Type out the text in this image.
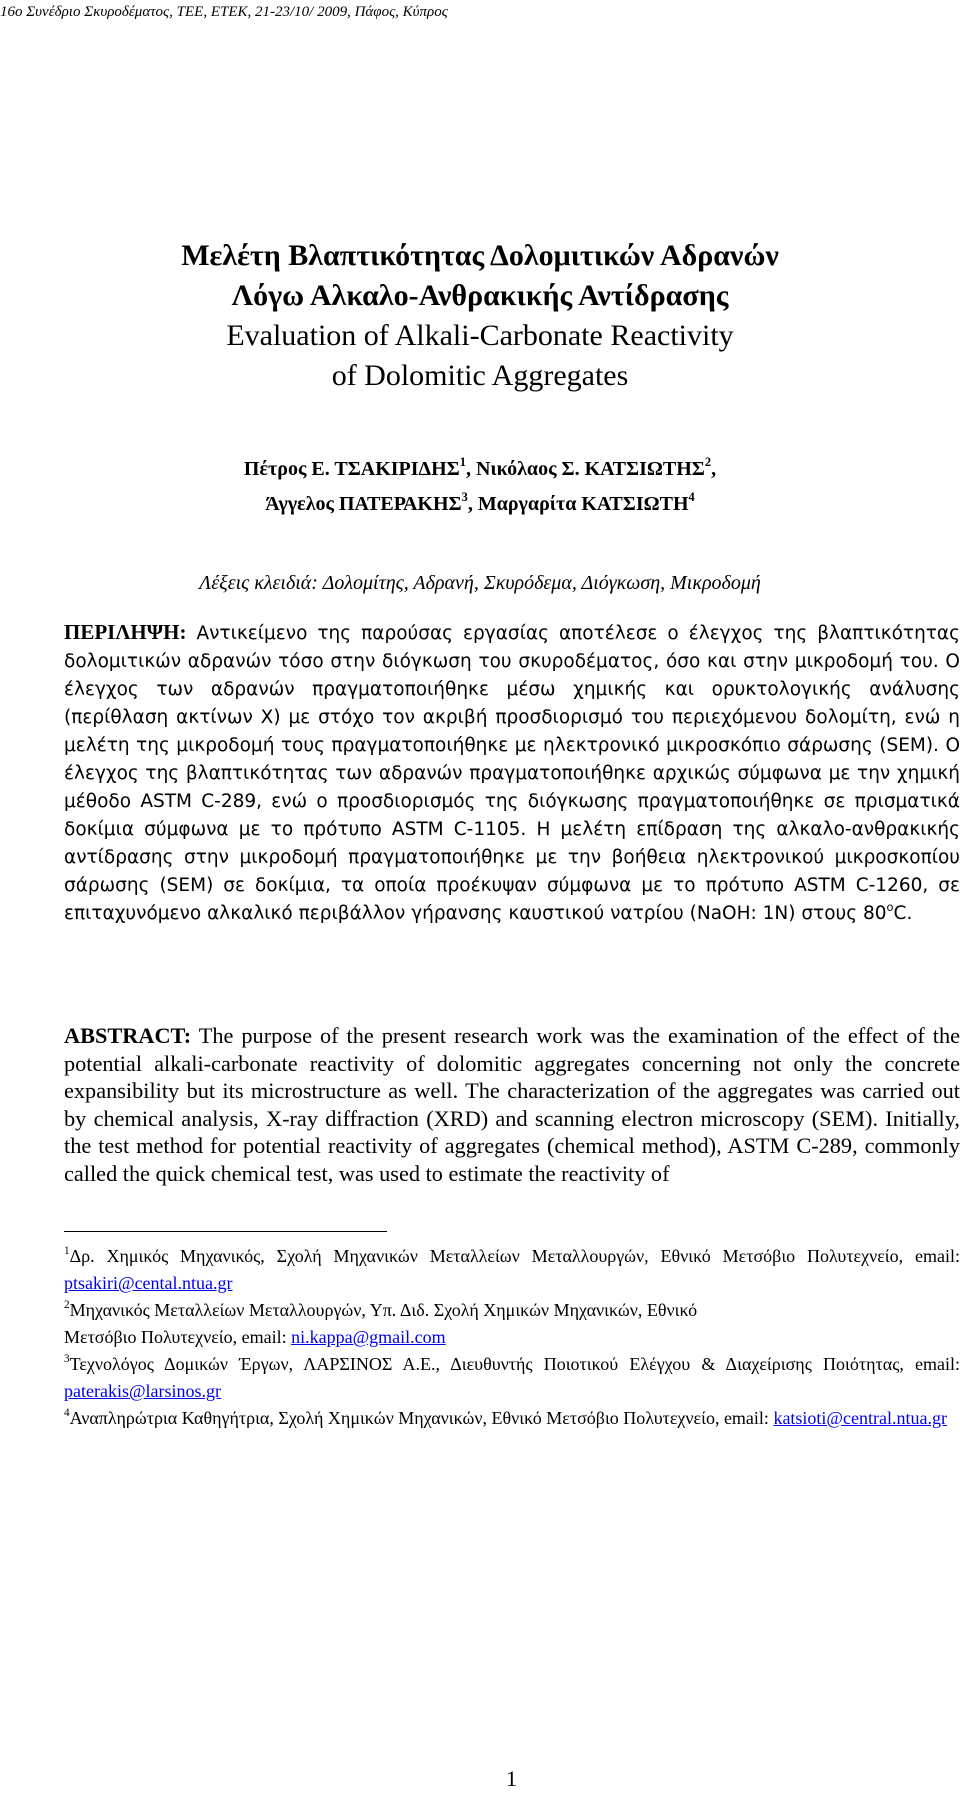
16ο Συνέδριο Σκυροδέματος, ΤΕΕ, ΕΤΕΚ, 21-23/10/ 2009, Πάφος, Κύπρος
Μελέτη Βλαπτικότητας Δολομιτικών Αδρανών
Λόγω Αλκαλο-Ανθρακικής Αντίδρασης
Evaluation of Alkali-Carbonate Reactivity
of Dolomitic Aggregates
Πέτρος Ε. ΤΣΑΚΙΡΙΔΗΣ$^1$, Νικόλαος Σ. ΚΑΤΣΙΩΤΗΣ$^2$,
Άγγελος ΠΑΤΕΡΑΚΗΣ$^3$, Μαργαρίτα ΚΑΤΣΙΩΤΗ$^4$
Λέξεις κλειδιά: Δολομίτης, Αδρανή, Σκυρόδεμα, Διόγκωση, Μικροδομή

ΠΕΡΙΛΗΨΗ: Αντικείμενο της παρούσας εργασίας αποτέλεσε ο έλεγχος της βλαπτικότητας δολομιτικών αδρανών τόσο στην διόγκωση του σκυροδέματος, όσο και στην μικροδομή του. Ο έλεγχος των αδρανών πραγματοποιήθηκε μέσω χημικής και ορυκτολογικής ανάλυσης (περίθλαση ακτίνων Χ) με στόχο τον ακριβή προσδιορισμό του περιεχόμενου δολομίτη, ενώ η μελέτη της μικροδομή τους πραγματοποιήθηκε με ηλεκτρονικό μικροσκόπιο σάρωσης (SEM). Ο έλεγχος της βλαπτικότητας των αδρανών πραγματοποιήθηκε αρχικώς σύμφωνα με την χημική μέθοδο ASTM C-289, ενώ ο προσδιορισμός της διόγκωσης πραγματοποιήθηκε σε πρισματικά δοκίμια σύμφωνα με το πρότυπο ASTM C-1105. Η μελέτη επίδραση της αλκαλο-ανθρακικής αντίδρασης στην μικροδομή πραγματοποιήθηκε με την βοήθεια ηλεκτρονικού μικροσκοπίου σάρωσης (SEM) σε δοκίμια, τα οποία προέκυψαν σύμφωνα με το πρότυπο ASTM C-1260, σε επιταχυνόμενο αλκαλικό περιβάλλον γήρανσης καυστικού νατρίου (NaOH: 1N) στους 80$^o$C.

ABSTRACT: The purpose of the present research work was the examination of the effect of the potential alkali-carbonate reactivity of dolomitic aggregates concerning not only the concrete expansibility but its microstructure as well. The characterization of the aggregates was carried out by chemical analysis, X-ray diffraction (XRD) and scanning electron microscopy (SEM). Initially, the test method for potential reactivity of aggregates (chemical method), ASTM C-289, commonly called the quick chemical test, was used to estimate the reactivity of

$^1$Δρ. Χημικός Μηχανικός, Σχολή Μηχανικών Μεταλλείων Μεταλλουργών, Εθνικό Μετσόβιο Πολυτεχνείο, email: ptsakiri@cental.ntua.gr

$^2$Μηχανικός Μεταλλείων Μεταλλουργών, Υπ. Διδ. Σχολή Χημικών Μηχανικών, Εθνικό
Μετσόβιο Πολυτεχνείο, email: ni.kappa@gmail.com

$^3$Τεχνολόγος Δομικών Έργων, ΛΑΡΣΙΝΟΣ Α.Ε., Διευθυντής Ποιοτικού Ελέγχου & Διαχείρισης Ποιότητας, email: paterakis@larsinos.gr

$^4$Αναπληρώτρια Καθηγήτρια, Σχολή Χημικών Μηχανικών, Εθνικό Μετσόβιο Πολυτεχνείο, email: katsioti@central.ntua.gr

1
